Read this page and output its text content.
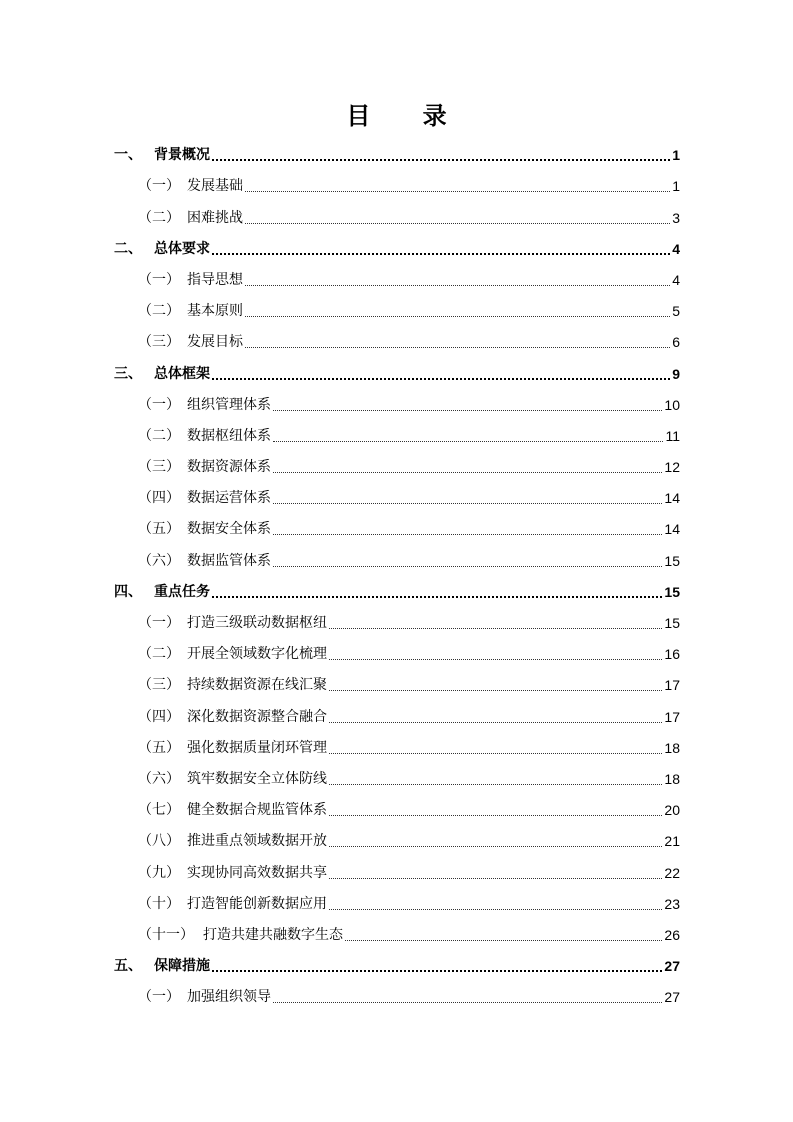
目 录
一、 背景概况	1
（一） 发展基础	1
（二） 困难挑战	3
二、 总体要求	4
（一） 指导思想	4
（二） 基本原则	5
（三） 发展目标	6
三、 总体框架	9
（一） 组织管理体系	10
（二） 数据枢纽体系	11
（三） 数据资源体系	12
（四） 数据运营体系	14
（五） 数据安全体系	14
（六） 数据监管体系	15
四、 重点任务	15
（一） 打造三级联动数据枢纽	15
（二） 开展全领域数字化梳理	16
（三） 持续数据资源在线汇聚	17
（四） 深化数据资源整合融合	17
（五） 强化数据质量闭环管理	18
（六） 筑牢数据安全立体防线	18
（七） 健全数据合规监管体系	20
（八） 推进重点领域数据开放	21
（九） 实现协同高效数据共享	22
（十） 打造智能创新数据应用	23
（十一） 打造共建共融数字生态	26
五、 保障措施	27
（一） 加强组织领导	27
